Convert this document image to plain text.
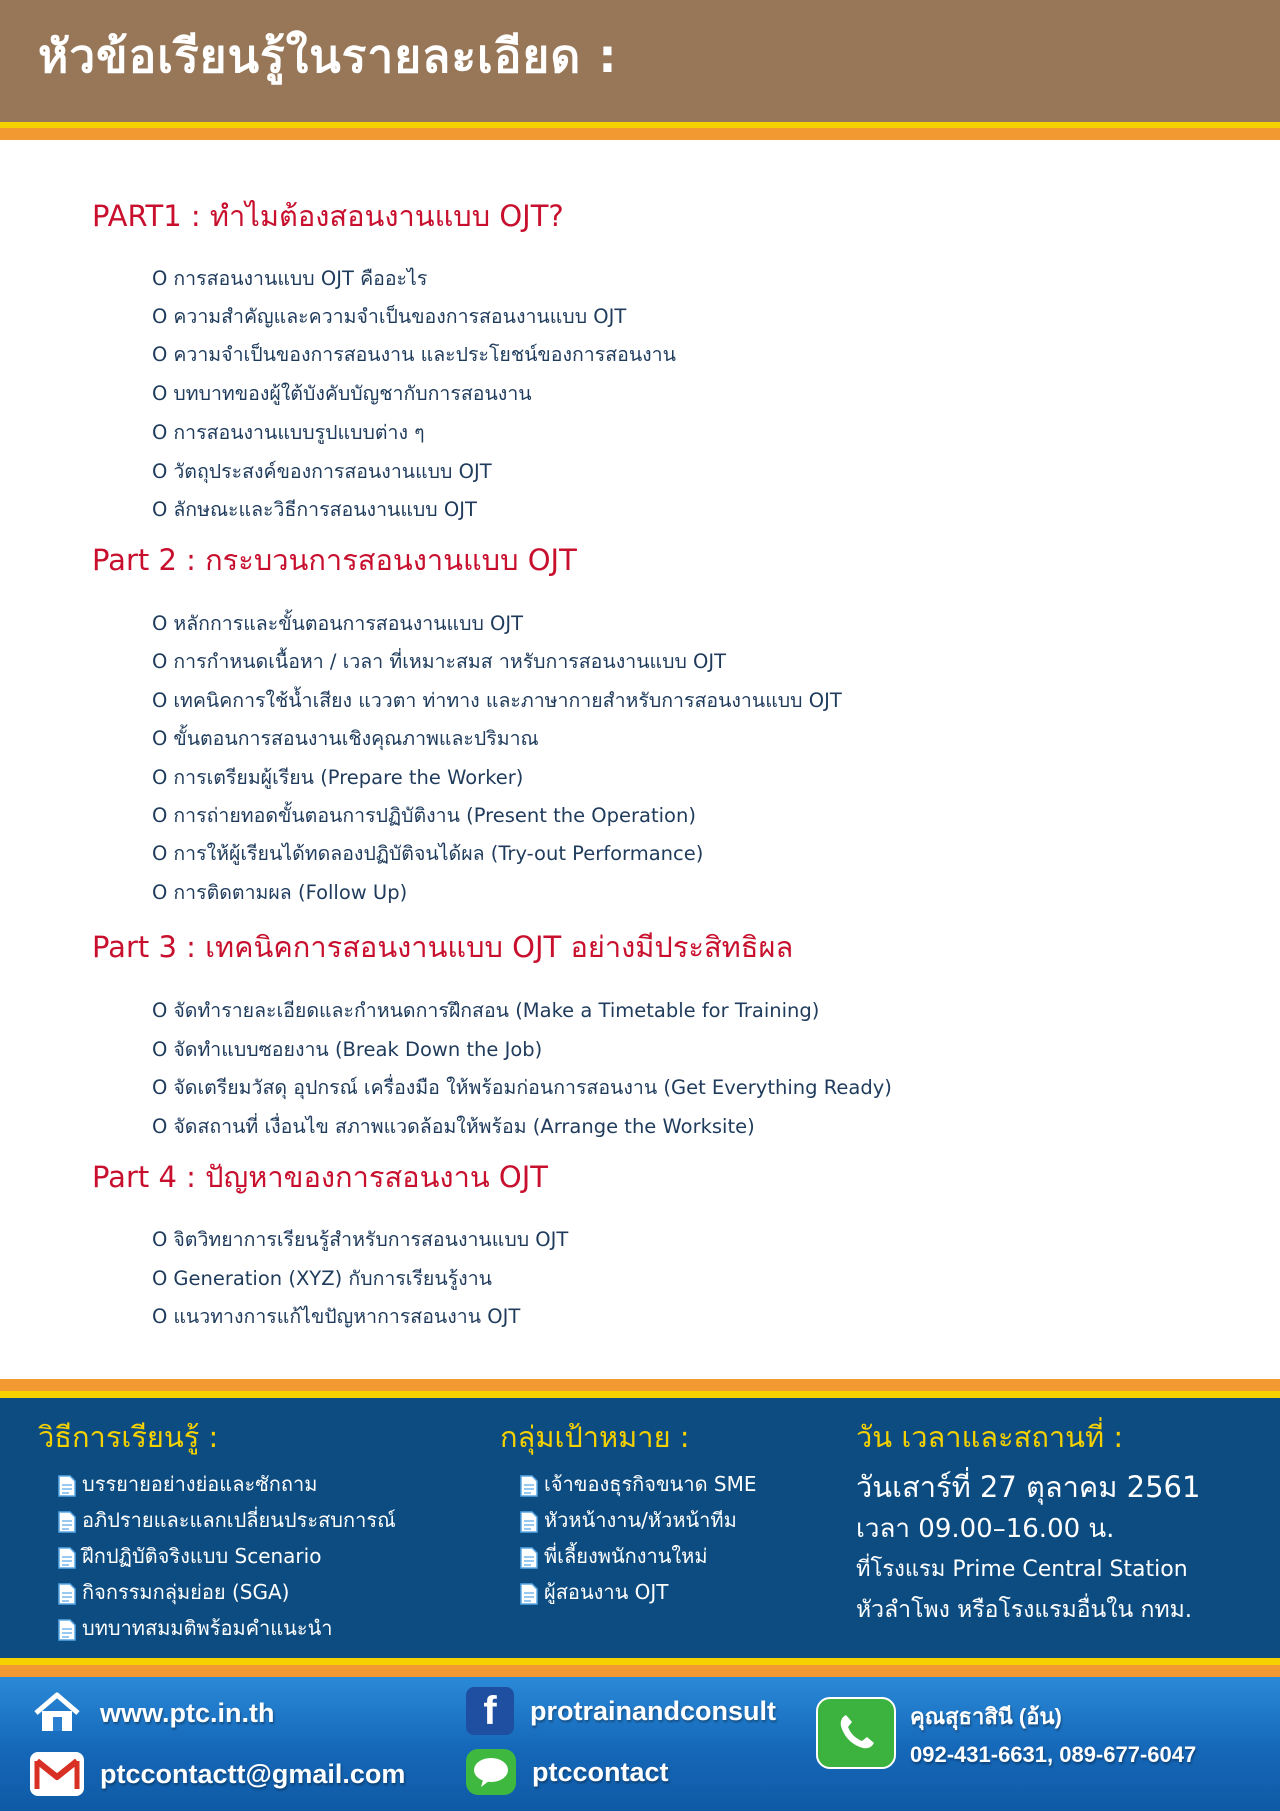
หัวข้อเรียนรู้ในรายละเอียด :
PART1 : ทำไมต้องสอนงานแบบ OJT?
O การสอนงานแบบ OJT คืออะไร
O ความสำคัญและความจำเป็นของการสอนงานแบบ OJT
O ความจำเป็นของการสอนงาน และประโยชน์ของการสอนงาน
O บทบาทของผู้ใต้บังคับบัญชากับการสอนงาน
O การสอนงานแบบรูปแบบต่าง ๆ
O วัตถุประสงค์ของการสอนงานแบบ OJT
O ลักษณะและวิธีการสอนงานแบบ OJT
Part 2 : กระบวนการสอนงานแบบ OJT
O หลักการและขั้นตอนการสอนงานแบบ OJT
O การกำหนดเนื้อหา / เวลา ที่เหมาะสมส าหรับการสอนงานแบบ OJT
O เทคนิคการใช้น้ำเสียง แววตา ท่าทาง และภาษากายสำหรับการสอนงานแบบ OJT
O ขั้นตอนการสอนงานเชิงคุณภาพและปริมาณ
O การเตรียมผู้เรียน (Prepare the Worker)
O การถ่ายทอดขั้นตอนการปฏิบัติงาน (Present the Operation)
O การให้ผู้เรียนได้ทดลองปฏิบัติจนได้ผล (Try-out Performance)
O การติดตามผล (Follow Up)
Part 3 : เทคนิคการสอนงานแบบ OJT อย่างมีประสิทธิผล
O จัดทำรายละเอียดและกำหนดการฝึกสอน (Make a Timetable for Training)
O จัดทำแบบซอยงาน (Break Down the Job)
O จัดเตรียมวัสดุ อุปกรณ์ เครื่องมือ ให้พร้อมก่อนการสอนงาน (Get Everything Ready)
O จัดสถานที่ เงื่อนไข สภาพแวดล้อมให้พร้อม (Arrange the Worksite)
Part 4 : ปัญหาของการสอนงาน OJT
O จิตวิทยาการเรียนรู้สำหรับการสอนงานแบบ OJT
O Generation (XYZ) กับการเรียนรู้งาน
O แนวทางการแก้ไขปัญหาการสอนงาน OJT
วิธีการเรียนรู้ :
บรรยายอย่างย่อและซักถาม
อภิปรายและแลกเปลี่ยนประสบการณ์
ฝึกปฏิบัติจริงแบบ Scenario
กิจกรรมกลุ่มย่อย (SGA)
บทบาทสมมติพร้อมคำแนะนำ
กลุ่มเป้าหมาย :
เจ้าของธุรกิจขนาด SME
หัวหน้างาน/หัวหน้าทีม
พี่เลี้ยงพนักงานใหม่
ผู้สอนงาน OJT
วัน เวลาและสถานที่ :
วันเสาร์ที่ 27 ตุลาคม 2561
เวลา 09.00–16.00 น.
ที่โรงแรม Prime Central Station
หัวลำโพง หรือโรงแรมอื่นใน กทม.
www.ptc.in.th
ptccontactt@gmail.com
f protrainandconsult
ptccontact
คุณสุธาสินี (อ้น)
092-431-6631, 089-677-6047
